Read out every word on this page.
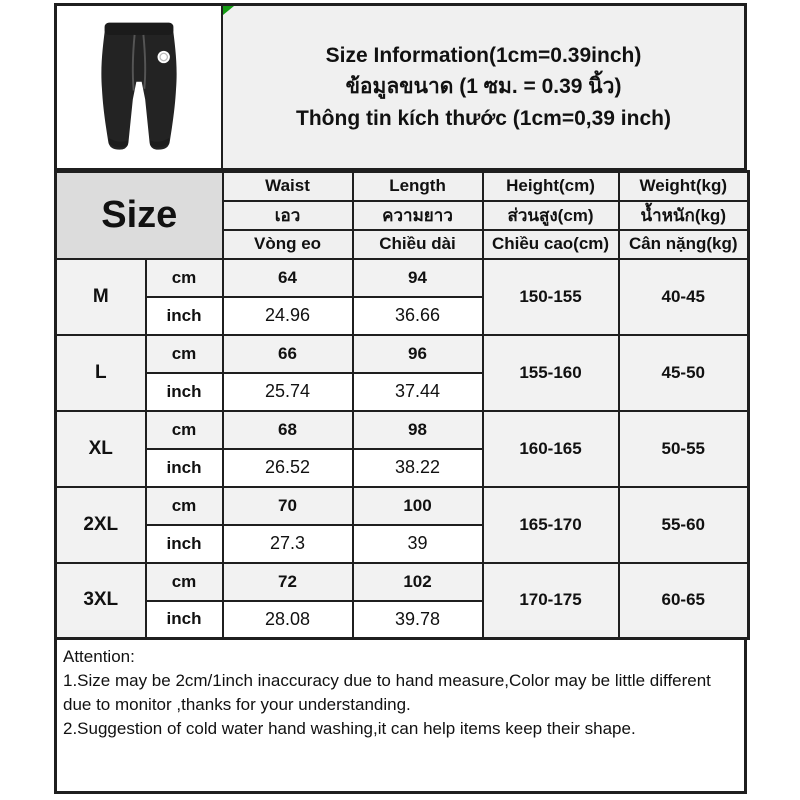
Size Information(1cm=0.39inch)
ข้อมูลขนาด (1 ซม. = 0.39 นิ้ว)
Thông tin kích thước (1cm=0,39 inch)
Size		Waist	Length	Height(cm)	Weight(kg)
		เอว	ความยาว	ส่วนสูง(cm)	น้ำหนัก(kg)
		Vòng eo	Chiều dài	Chiều cao(cm)	Cân nặng(kg)
M	cm	64	94	150-155	40-45
	inch	24.96	36.66		
L	cm	66	96	155-160	45-50
	inch	25.74	37.44		
XL	cm	68	98	160-165	50-55
	inch	26.52	38.22		
2XL	cm	70	100	165-170	55-60
	inch	27.3	39		
3XL	cm	72	102	170-175	60-65
	inch	28.08	39.78		
Attention:
1.Size may be 2cm/1inch inaccuracy due to hand measure,Color may be little different due to monitor ,thanks for your understanding.
2.Suggestion of cold water hand washing,it can help items keep their shape.
